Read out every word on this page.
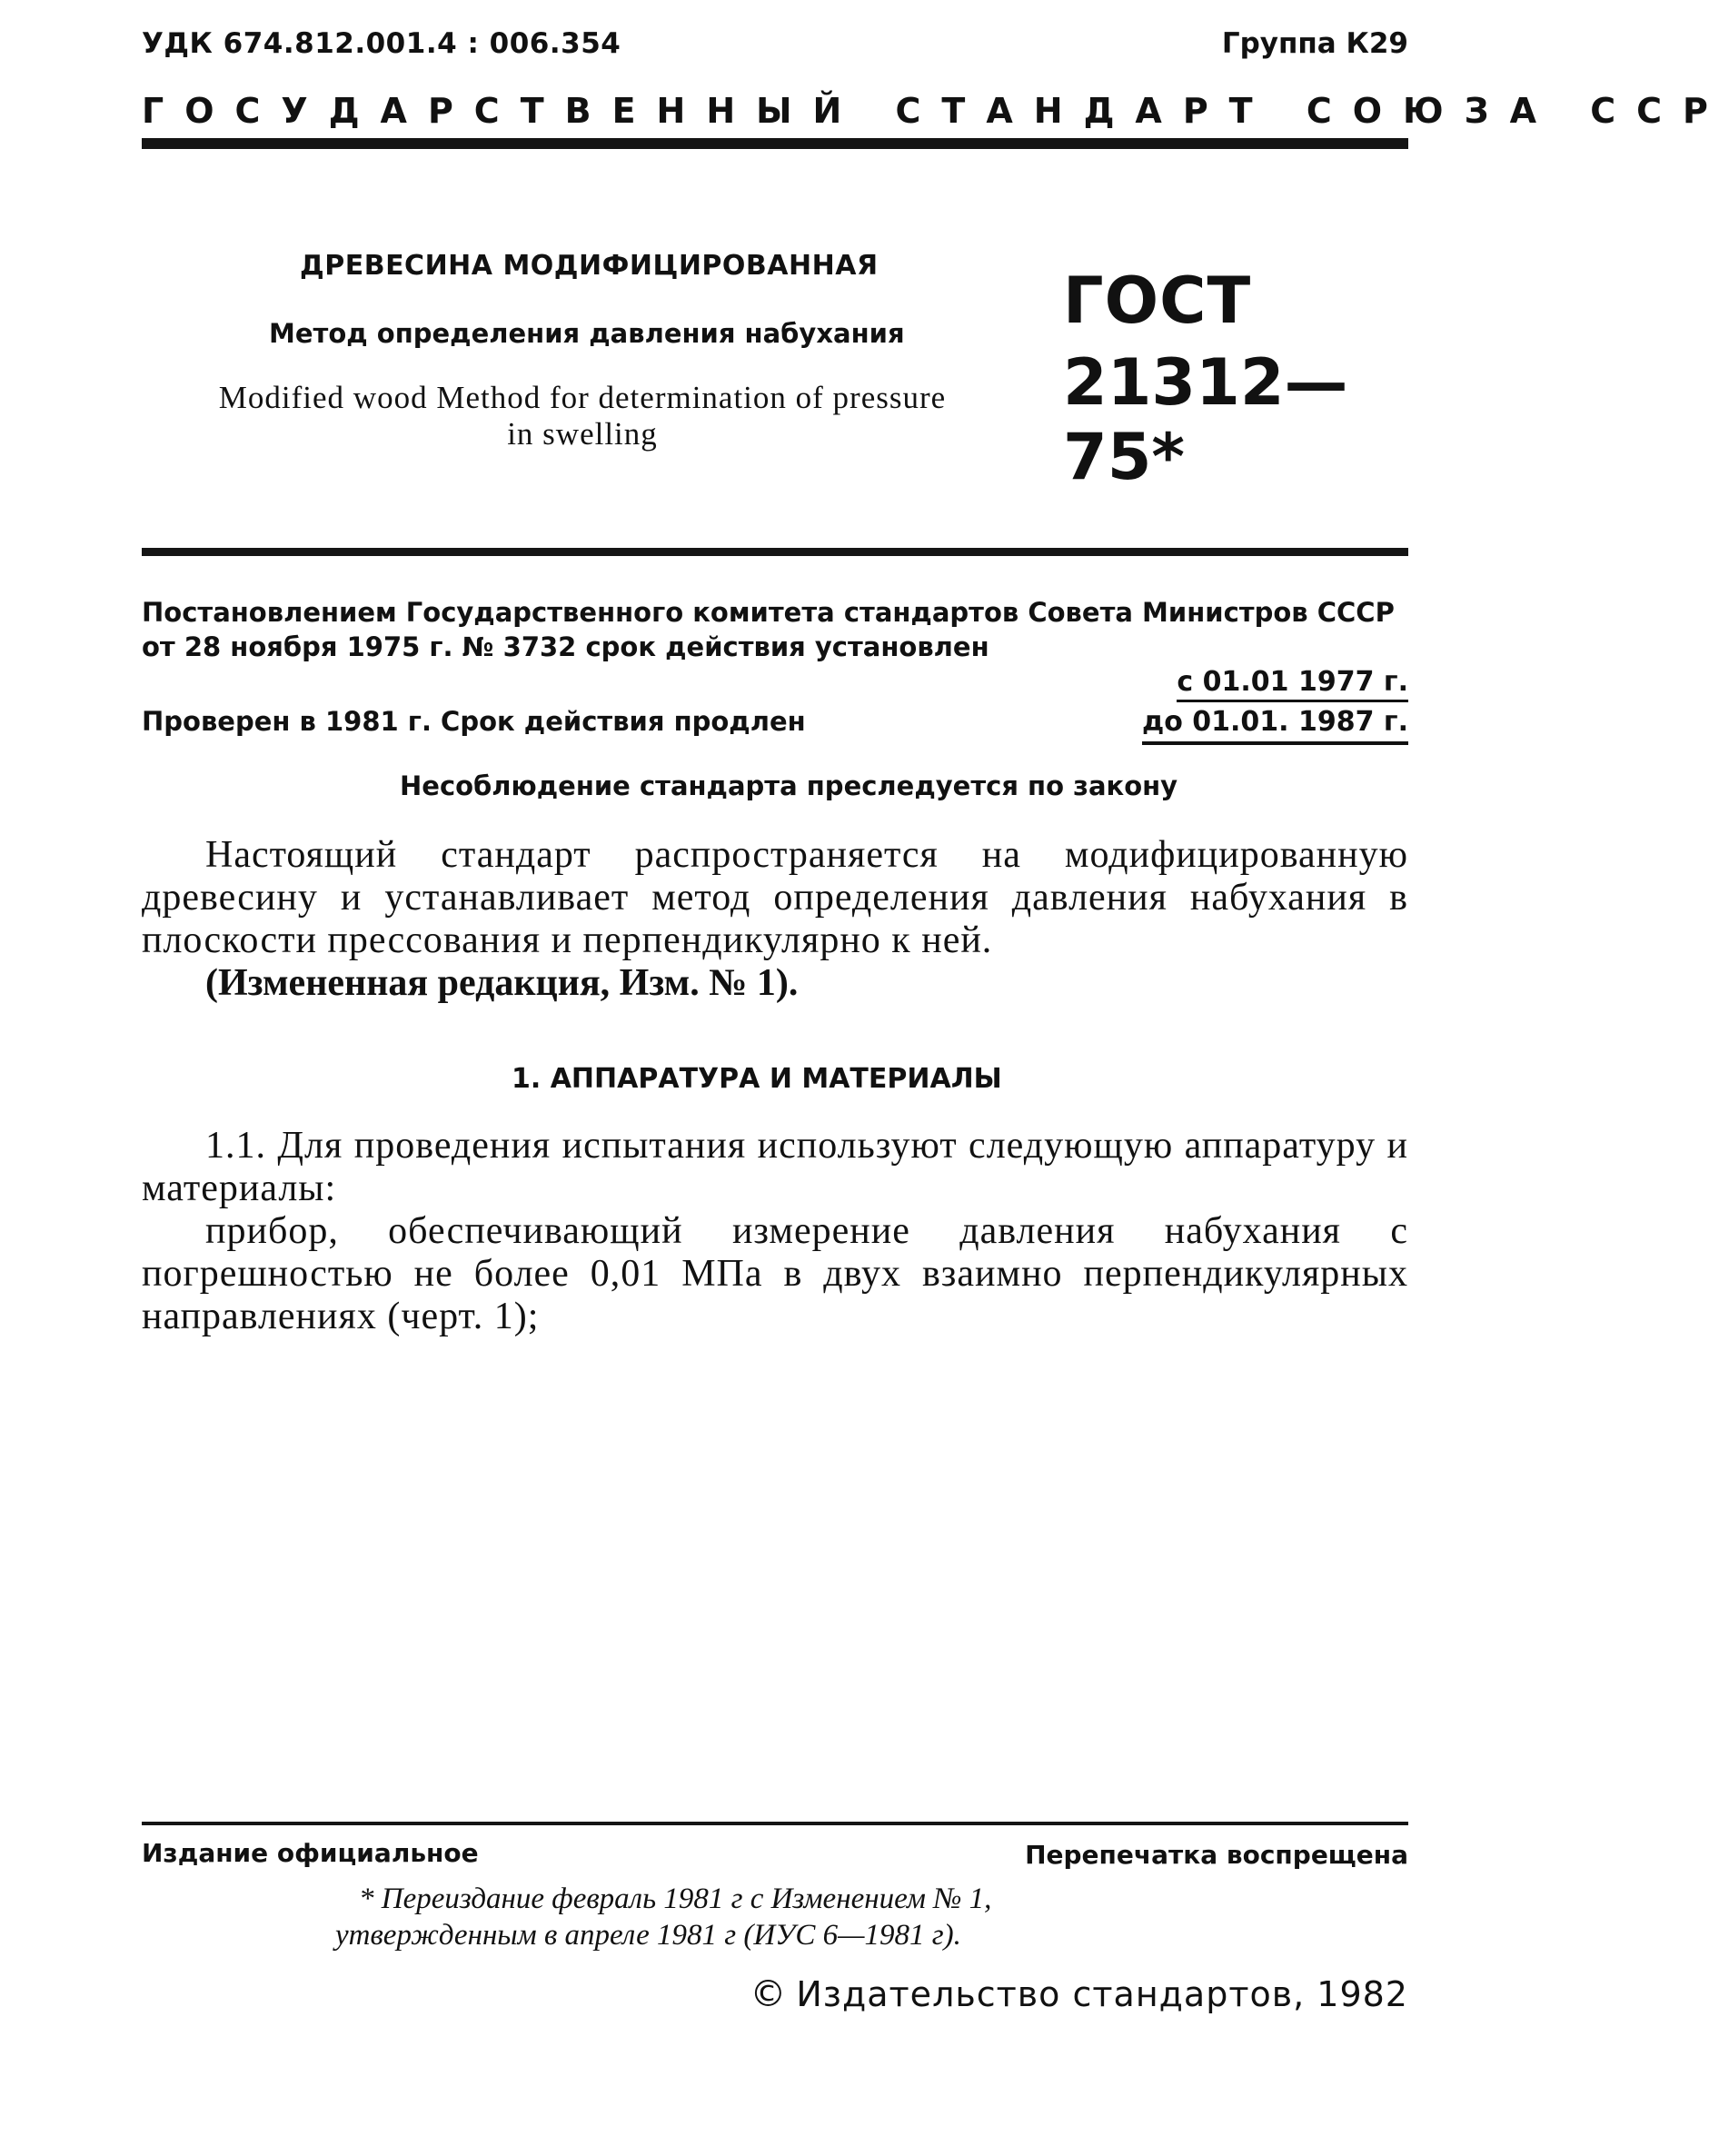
УДК 674.812.001.4 : 006.354	Группа К29
ГОСУДАРСТВЕННЫЙ СТАНДАРТ СОЮЗА ССР
ДРЕВЕСИНА МОДИФИЦИРОВАННАЯ
Метод определения давления набухания
Modified wood Method for determination of pressure
in swelling
ГОСТ
21312—75*
Постановлением Государственного комитета стандартов Совета Министров СССР от 28 ноября 1975 г. № 3732 срок действия установлен
с 01.01 1977 г.
Проверен в 1981 г. Срок действия продлен	до 01.01. 1987 г.
Несоблюдение стандарта преследуется по закону
Настоящий стандарт распространяется на модифицированную древесину и устанавливает метод определения давления набухания в плоскости прессования и перпендикулярно к ней.
(Измененная редакция, Изм. № 1).
1. АППАРАТУРА И МАТЕРИАЛЫ
1.1. Для проведения испытания используют следующую аппаратуру и материалы:
прибор, обеспечивающий измерение давления набухания с погрешностью не более 0,01 МПа в двух взаимно перпендикулярных направлениях (черт. 1);
Издание официальное	Перепечатка воспрещена
* Переиздание февраль 1981 г с Изменением № 1,
утвержденным в апреле 1981 г (ИУС 6—1981 г).
© Издательство стандартов, 1982
